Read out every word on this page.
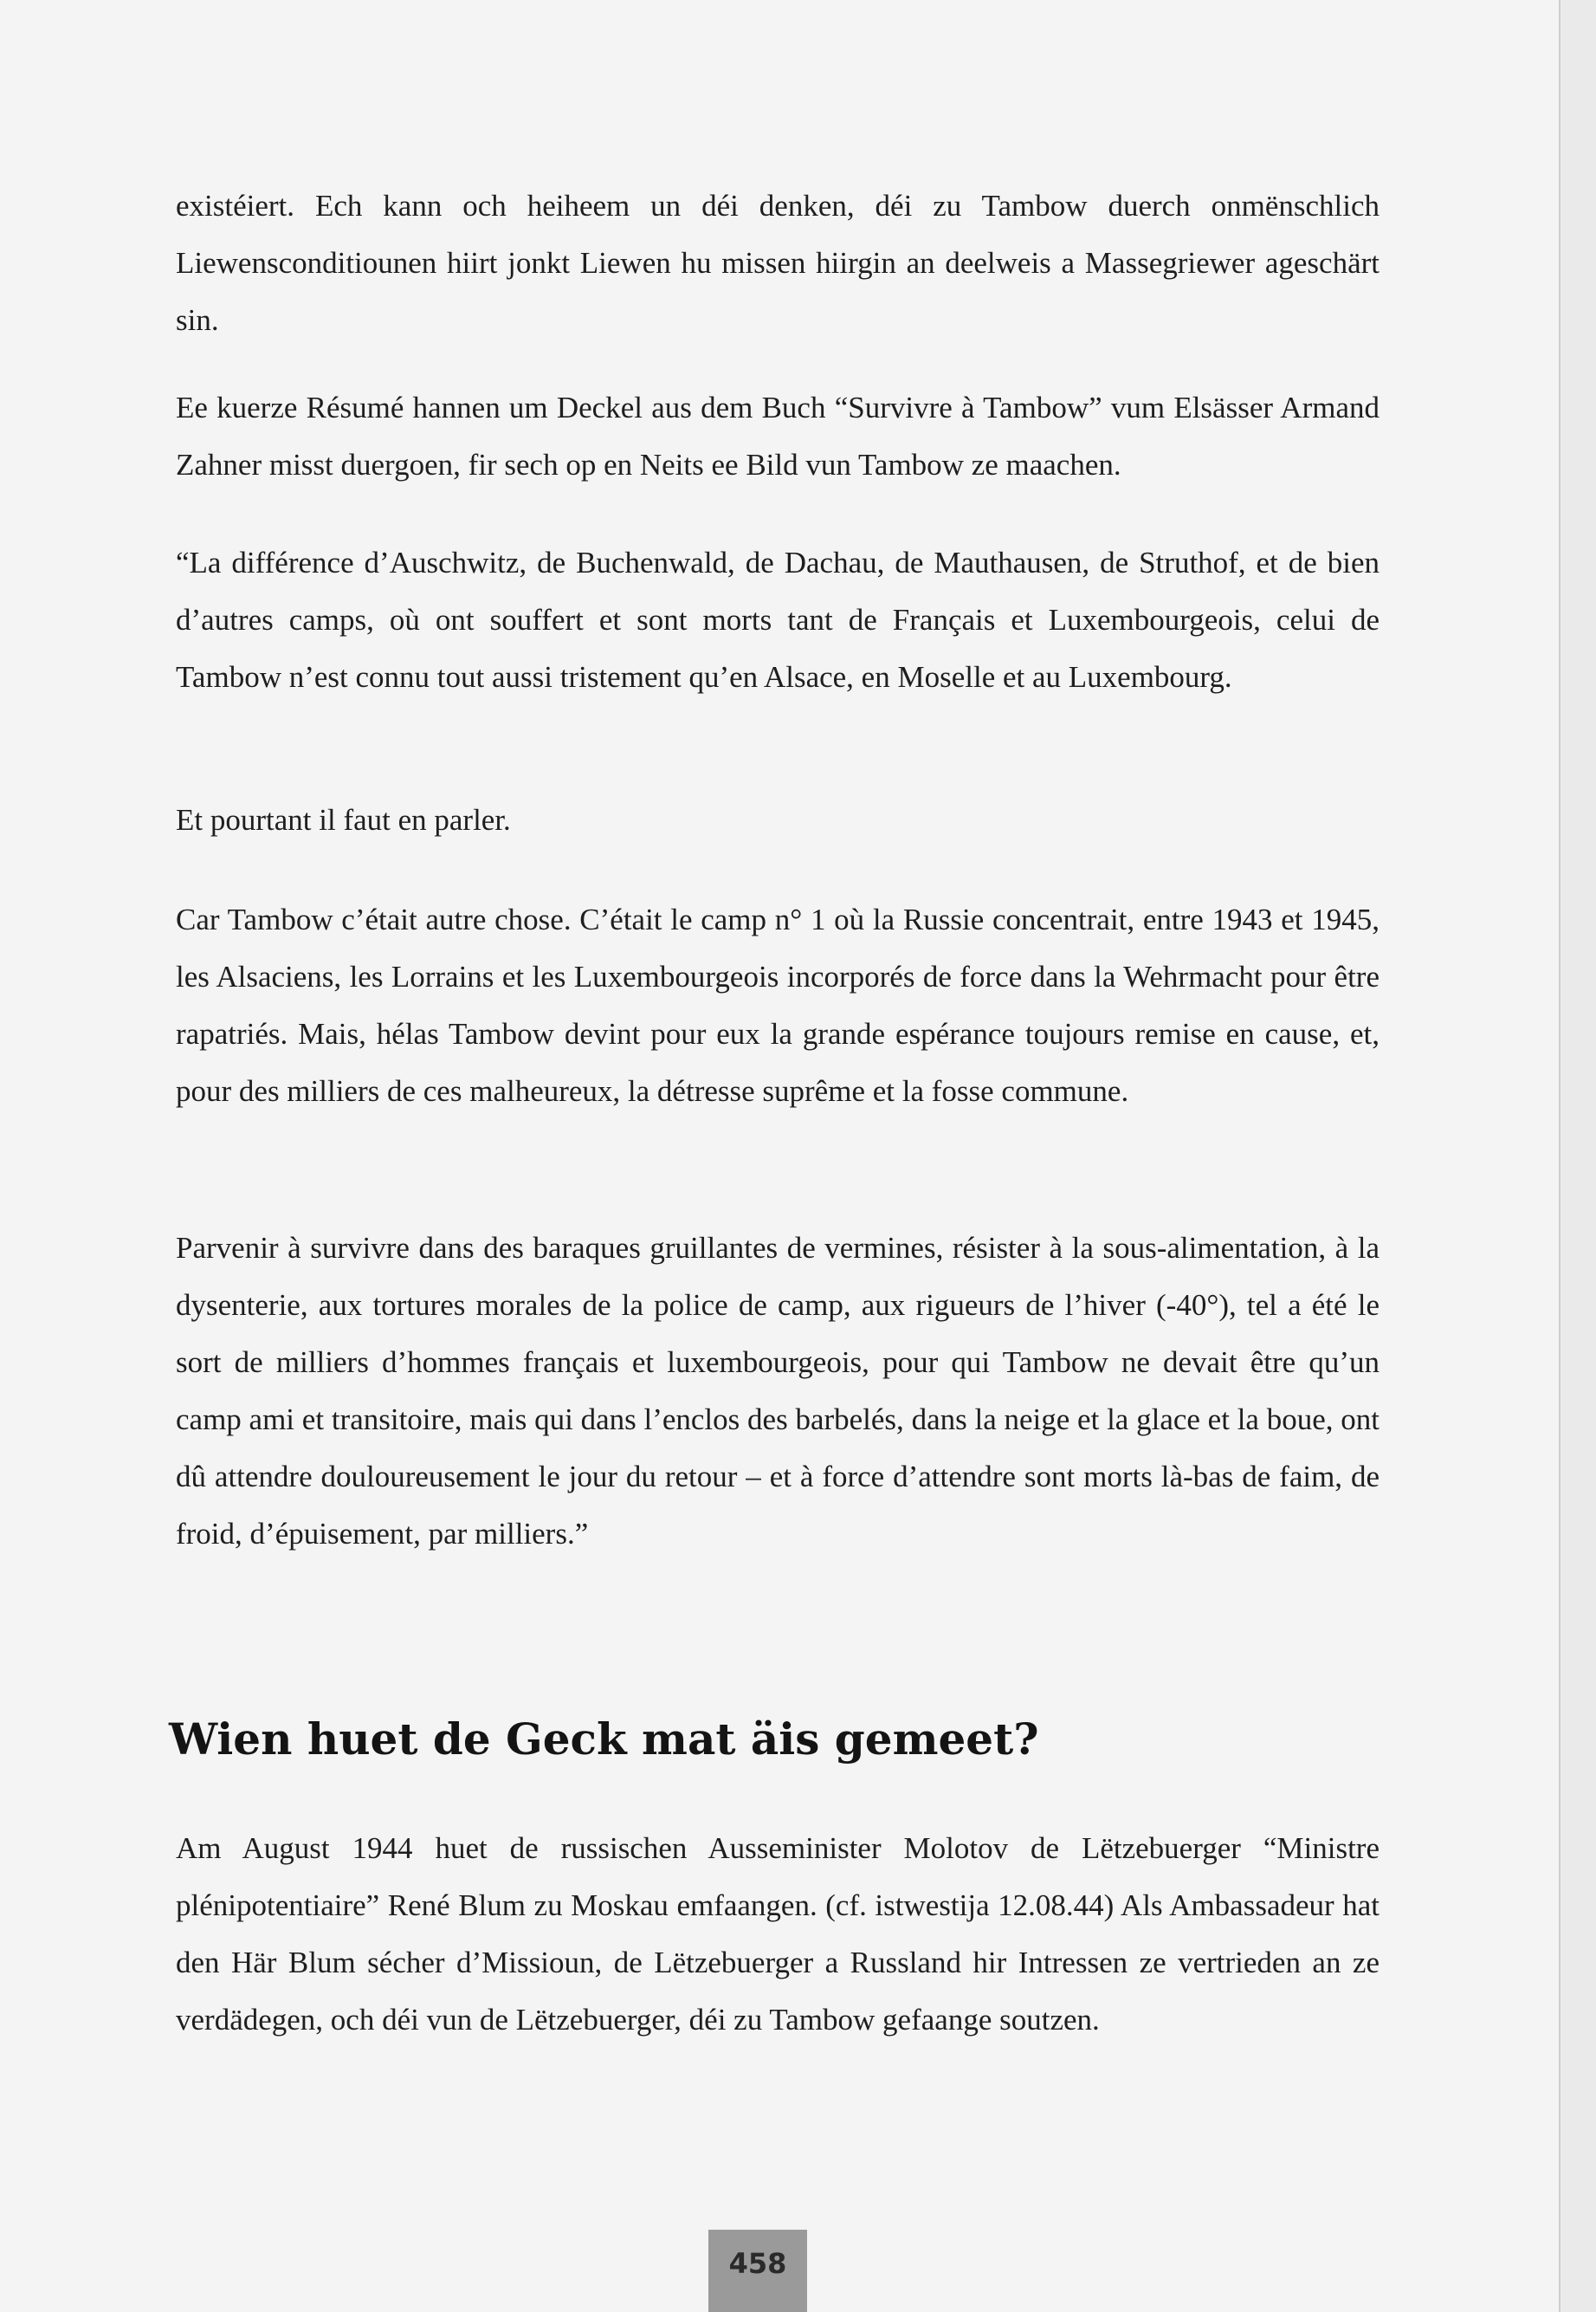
existéiert. Ech kann och heiheem un déi denken, déi zu Tambow duerch onmënschlich Liewensconditiounen hiirt jonkt Liewen hu missen hiirgin an deelweis a Massegriewer ageschärt sin.

Ee kuerze Résumé hannen um Deckel aus dem Buch “Survivre à Tambow” vum Elsässer Armand Zahner misst duergoen, fir sech op en Neits ee Bild vun Tambow ze maachen.

“La différence d’Auschwitz, de Buchenwald, de Dachau, de Mauthausen, de Struthof, et de bien d’autres camps, où ont souffert et sont morts tant de Français et Luxembourgeois, celui de Tambow n’est connu tout aussi tristement qu’en Alsace, en Moselle et au Luxembourg.

Et pourtant il faut en parler.

Car Tambow c’était autre chose. C’était le camp n° 1 où la Russie concentrait, entre 1943 et 1945, les Alsaciens, les Lorrains et les Luxembourgeois incorporés de force dans la Wehrmacht pour être rapatriés. Mais, hélas Tambow devint pour eux la grande espérance toujours remise en cause, et, pour des milliers de ces malheureux, la détresse suprême et la fosse commune.

Parvenir à survivre dans des baraques gruillantes de vermines, résister à la sous-alimentation, à la dysenterie, aux tortures morales de la police de camp, aux rigueurs de l’hiver (-40°), tel a été le sort de milliers d’hommes français et luxembourgeois, pour qui Tambow ne devait être qu’un camp ami et transitoire, mais qui dans l’enclos des barbelés, dans la neige et la glace et la boue, ont dû attendre douloureusement le jour du retour – et à force d’attendre sont morts là-bas de faim, de froid, d’épuisement, par milliers.”

Wien huet de Geck mat äis gemeet?

Am August 1944 huet de russischen Ausseminister Molotov de Lëtzebuerger “Ministre plénipotentiaire” René Blum zu Moskau emfaangen. (cf. istwestija 12.08.44) Als Ambassadeur hat den Här Blum sécher d’Missioun, de Lëtzebuerger a Russland hir Intressen ze vertrieden an ze verdädegen, och déi vun de Lëtzebuerger, déi zu Tambow gefaange soutzen.

458
